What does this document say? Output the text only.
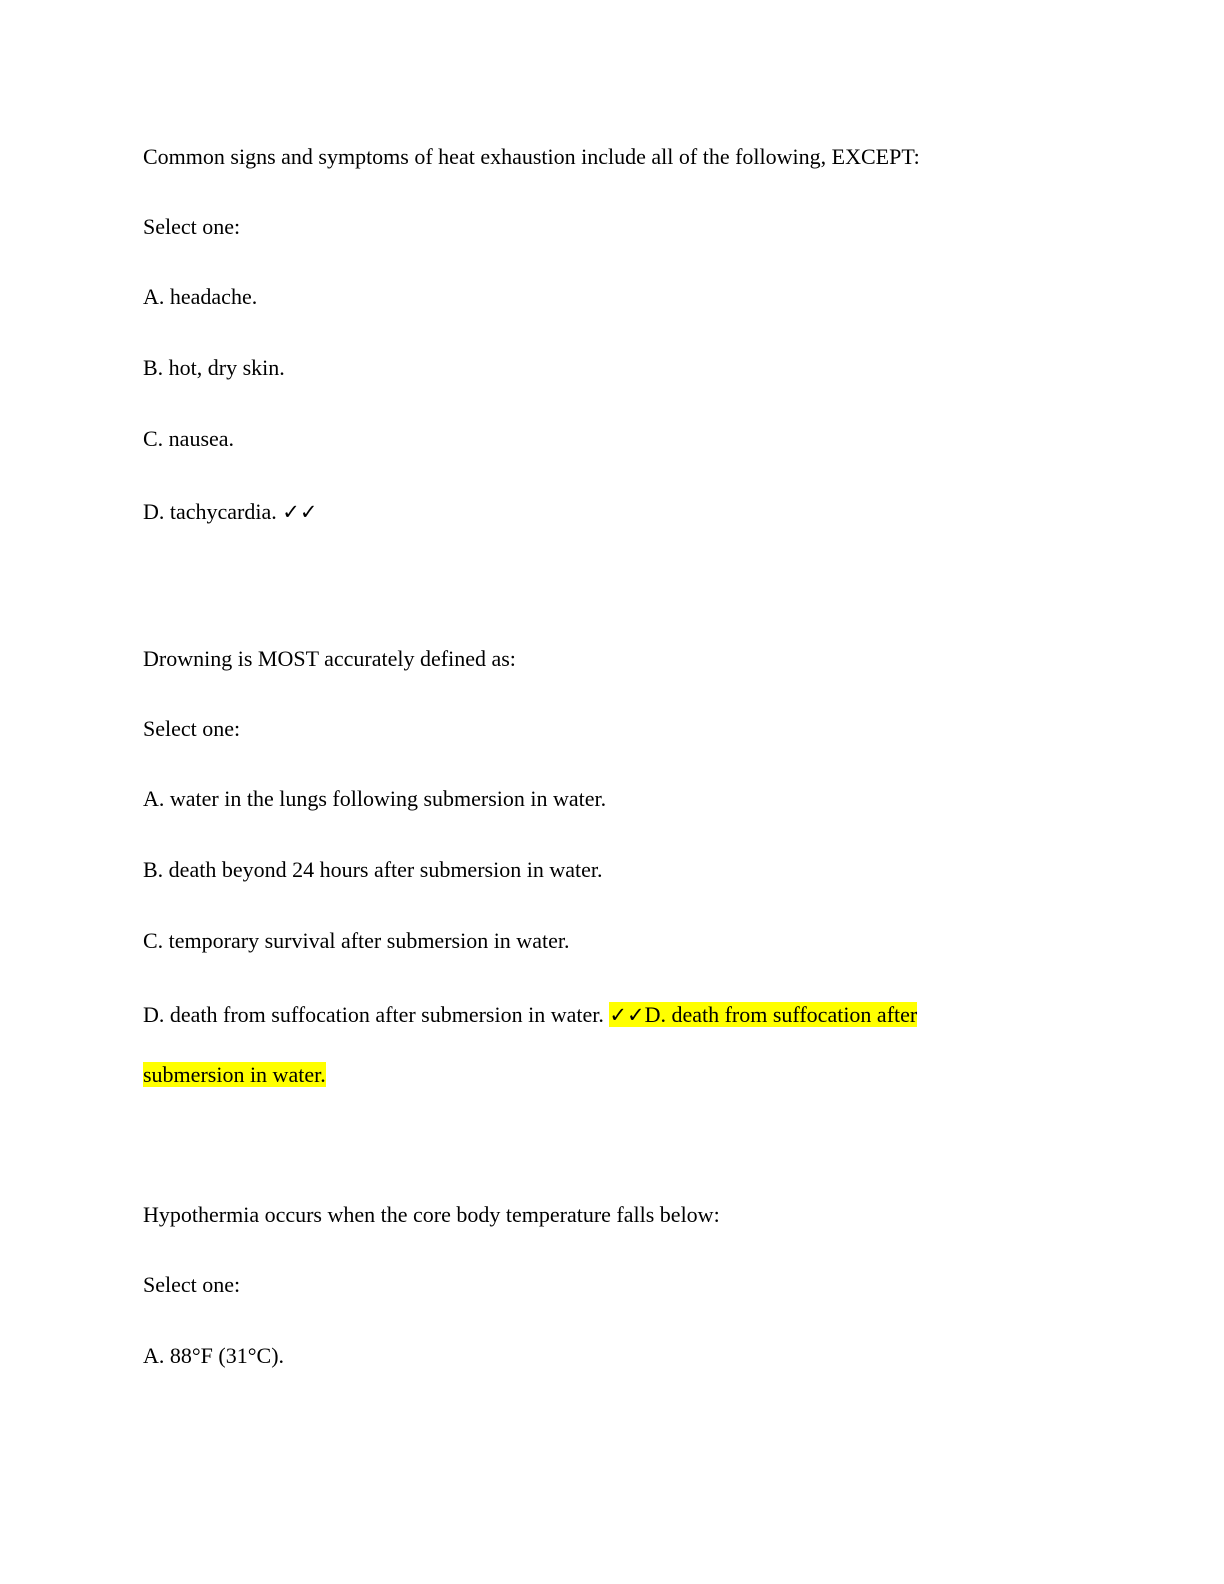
Common signs and symptoms of heat exhaustion include all of the following, EXCEPT:
Select one:
A. headache.
B. hot, dry skin.
C. nausea.
D. tachycardia. ✓✓
Drowning is MOST accurately defined as:
Select one:
A. water in the lungs following submersion in water.
B. death beyond 24 hours after submersion in water.
C. temporary survival after submersion in water.
D. death from suffocation after submersion in water. ✓✓D. death from suffocation after
submersion in water.
Hypothermia occurs when the core body temperature falls below:
Select one:
A. 88°F (31°C).
